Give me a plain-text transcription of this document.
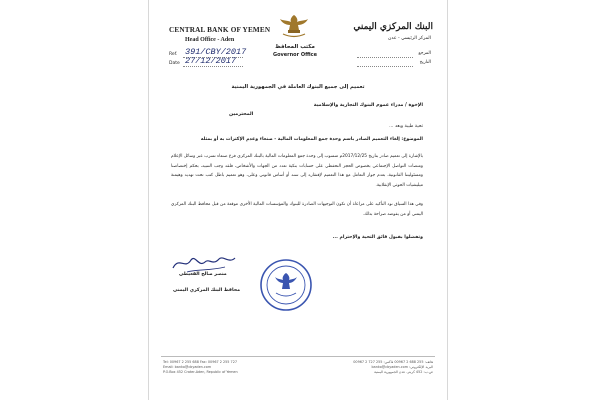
CENTRAL BANK OF YEMEN
Head Office - Aden
Ref. 391/CBY/2017
Date 27/12/2017
مكتب المحافظ
Governor Office
البنك المركزي اليمني
المركز الرئيسي - عدن
المرجع
التاريخ
تعميم إلى جميع البنوك العاملة في الجمهورية اليمنية
الإخوة / مدراء عموم البنوك التجارية والإسلامية
المحترمين
تحية طيبة وبعد ...
الموضوع: إلغاء التعميم الصادر باسم وحدة جمع المعلومات المالية - صنعاء وعدم الإكتراث به أو بمثله
بالإشارة إلى تعميم صادر بتاريخ 2017/12/25م منسوب إلى وحدة جمع المعلومات المالية بالبنك المركزي فرع صنعاء تسرب عبر وسائل الإعلام ومنصات التواصل الإجتماعي بخصوص الحجز التحفظي على حسابات بنكية تعدد من الجهات والأشخاص، فلقد وجب التنبيه، بحكم إختصاصنا ومسئوليتنا القانونية، بعدم جواز التعامل مع هذا التعميم لإفتقاره إلى سند أو أساس قانوني وعلى، وهو تعميم باطل كتب تحت تهديد وهيمنة ميليشيات الحوثي الإنقلابية.
وفي هذا السياق نود التأكيد على مراعاة أن تكون التوجيهات الصادرة للبنوك والمؤسسات المالية الأخرى موقعة من قبل محافظ البنك المركزي اليمني أو من يفوضه صراحة بذلك.
وتفضلوا بقبول فائق التحية والإحترام ...
منصر صالح القعيطي
محافظ البنك المركزي اليمني
Tel: 00967 2 255 688 Fax: 00967 2 255 727
Email: banko@cbyaden.com
P.O.Box 452 Crater-Aden, Republic of Yemen
هاتف: 255 688 2 00967 فاكس: 255 727 2 00967
البريد الإلكتروني: banko@cbyaden.com
ص.ب: 452 كريتر- عدن الجمهورية اليمنية
